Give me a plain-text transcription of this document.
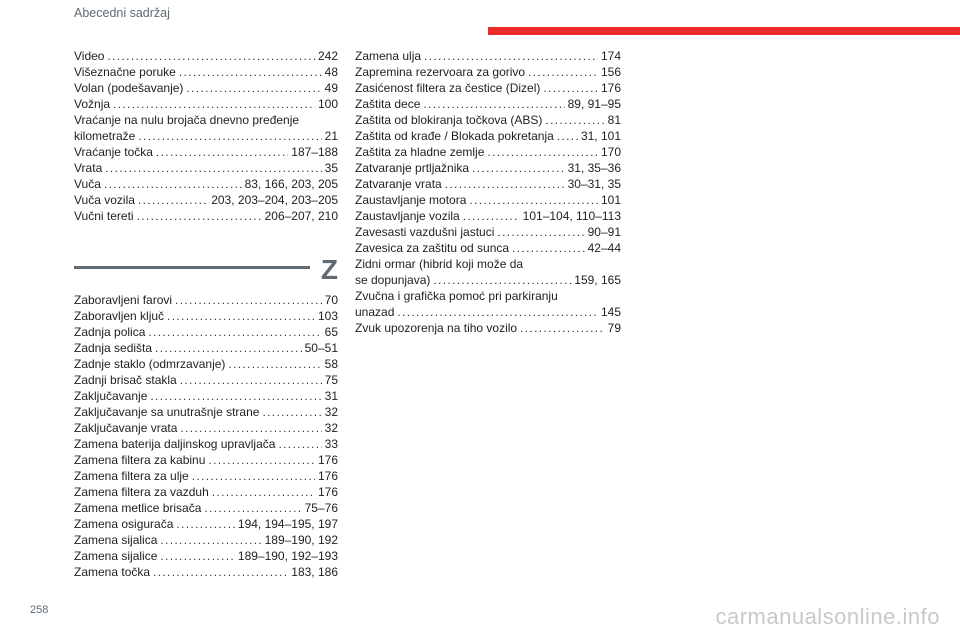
Abecedni sadržaj
Video . . .	242
Višeznačne poruke . . .	48
Volan (podešavanje) . . .	49
Vožnja . . .	100
Vraćanje na nulu brojača dnevno pređenje
kilometraže . . .	21
Vraćanje točka . . .	187–188
Vrata . . .	35
Vuča . . .	83, 166, 203, 205
Vuča vozila . . .	203, 203–204, 203–205
Vučni tereti . . .	206–207, 210
Z
Zaboravljeni farovi . . .	70
Zaboravljen ključ . . .	103
Zadnja polica . . .	65
Zadnja sedišta . . .	50–51
Zadnje staklo (odmrzavanje) . . .	58
Zadnji brisač stakla . . .	75
Zaključavanje . . .	31
Zaključavanje sa unutrašnje strane . . .	32
Zaključavanje vrata . . .	32
Zamena baterija daljinskog upravljača . . .	33
Zamena filtera za kabinu . . .	176
Zamena filtera za ulje . . .	176
Zamena filtera za vazduh . . .	176
Zamena metlice brisača . . .	75–76
Zamena osigurača . . .	194, 194–195, 197
Zamena sijalica . . .	189–190, 192
Zamena sijalice . . .	189–190, 192–193
Zamena točka . . .	183, 186
Zamena ulja . . .	174
Zapremina rezervoara za gorivo . . .	156
Zasićenost filtera za čestice (Dizel) . . .	176
Zaštita dece . . .	89, 91–95
Zaštita od blokiranja točkova (ABS) . . .	81
Zaštita od krađe / Blokada pokretanja . . . 31, 101
Zaštita za hladne zemlje . . .	170
Zatvaranje prtljažnika . . .	31, 35–36
Zatvaranje vrata . . .	30–31, 35
Zaustavljanje motora . . .	101
Zaustavljanje vozila . . .	101–104, 110–113
Zavesasti vazdušni jastuci . . .	90–91
Zavesica za zaštitu od sunca . . .	42–44
Zidni ormar (hibrid koji može da
se dopunjava) . . .	159, 165
Zvučna i grafička pomoć pri parkiranju
unazad . . .	145
Zvuk upozorenja na tiho vozilo . . .	79
258	carmanualsonline.info
